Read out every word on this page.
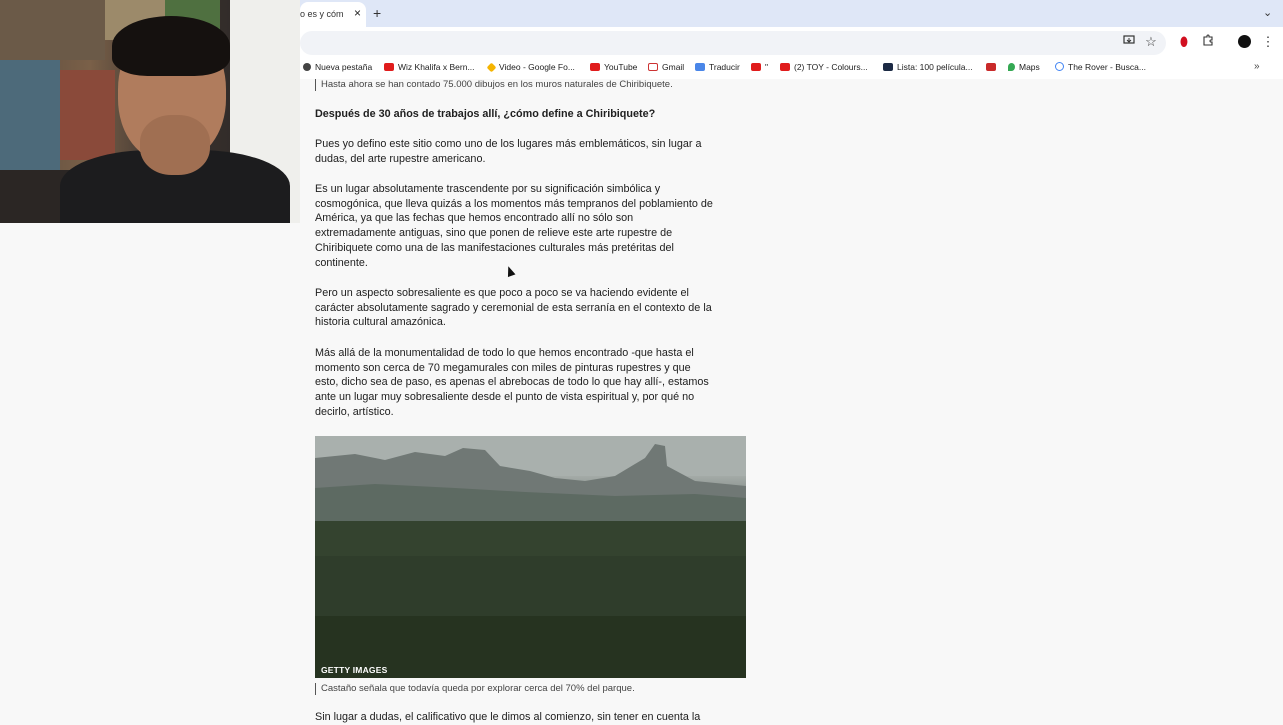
o es y cóm × +	⌄
☆	⬮	⋮
Nueva pestaña	Wiz Khalifa x Bern...	Video - Google Fo...	YouTube	Gmail	Traducir	"	(2) TOY - Colours...	Lista: 100 película...	Maps	The Rover - Busca...	»
Hasta ahora se han contado 75.000 dibujos en los muros naturales de Chiribiquete.
Después de 30 años de trabajos allí, ¿cómo define a Chiribiquete?
Pues yo defino este sitio como uno de los lugares más emblemáticos, sin lugar a dudas, del arte rupestre americano.
Es un lugar absolutamente trascendente por su significación simbólica y cosmogónica, que lleva quizás a los momentos más tempranos del poblamiento de América, ya que las fechas que hemos encontrado allí no sólo son extremadamente antiguas, sino que ponen de relieve este arte rupestre de Chiribiquete como una de las manifestaciones culturales más pretéritas del continente.
Pero un aspecto sobresaliente es que poco a poco se va haciendo evidente el carácter absolutamente sagrado y ceremonial de esta serranía en el contexto de la historia cultural amazónica.
Más allá de la monumentalidad de todo lo que hemos encontrado -que hasta el momento son cerca de 70 megamurales con miles de pinturas rupestres y que esto, dicho sea de paso, es apenas el abrebocas de todo lo que hay allí-, estamos ante un lugar muy sobresaliente desde el punto de vista espiritual y, por qué no decirlo, artístico.
GETTY IMAGES
Castaño señala que todavía queda por explorar cerca del 70% del parque.
Sin lugar a dudas, el calificativo que le dimos al comienzo, sin tener en cuenta la
